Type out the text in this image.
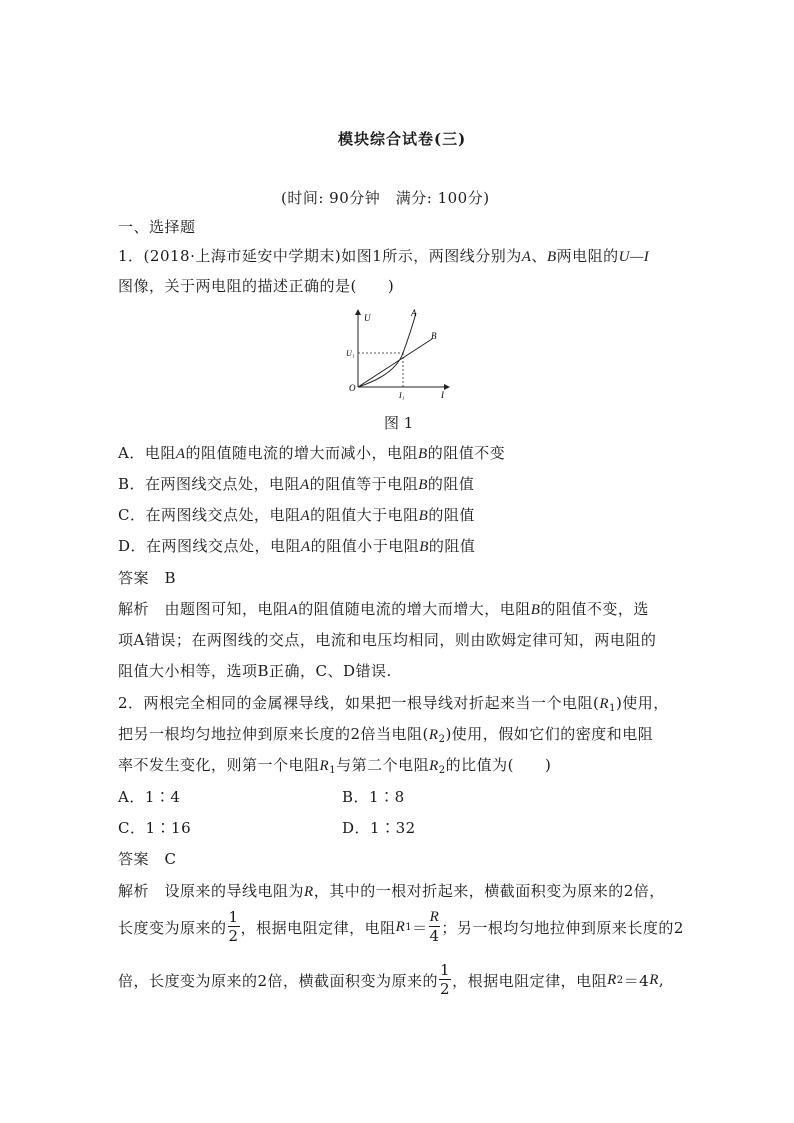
模块综合试卷(三)
(时间: 90分钟　满分: 100分)
一、选择题
1．(2018·上海市延安中学期末)如图1所示，两图线分别为A、B两电阻的U—I
图像，关于两电阻的描述正确的是(　　)
U
I
O
U₁
I₁
A
B
图 1
A．电阻A的阻值随电流的增大而减小，电阻B的阻值不变
B．在两图线交点处，电阻A的阻值等于电阻B的阻值
C．在两图线交点处，电阻A的阻值大于电阻B的阻值
D．在两图线交点处，电阻A的阻值小于电阻B的阻值
答案　B
解析　由题图可知，电阻A的阻值随电流的增大而增大，电阻B的阻值不变，选
项A错误；在两图线的交点，电流和电压均相同，则由欧姆定律可知，两电阻的
阻值大小相等，选项B正确，C、D错误.
2．两根完全相同的金属裸导线，如果把一根导线对折起来当一个电阻$(R_1)$使用，
把另一根均匀地拉伸到原来长度的2倍当电阻$(R_2)$使用，假如它们的密度和电阻
率不发生变化，则第一个电阻$R_1$与第二个电阻$R_2$的比值为(　　)
A．1∶4	B．1∶8
C．1∶16	D．1∶32
答案　C
解析　设原来的导线电阻为R，其中的一根对折起来，横截面积变为原来的2倍，
长度变为原来的 $\frac{1}{2}$ ，根据电阻定律，电阻 R $1 = \frac{R}{4}$ ；另一根均匀地拉伸到原来长度的2
倍，长度变为原来的2倍，横截面积变为原来的 $\frac{1}{2}$ ，根据电阻定律，电阻 R 2 ＝4 R ,
